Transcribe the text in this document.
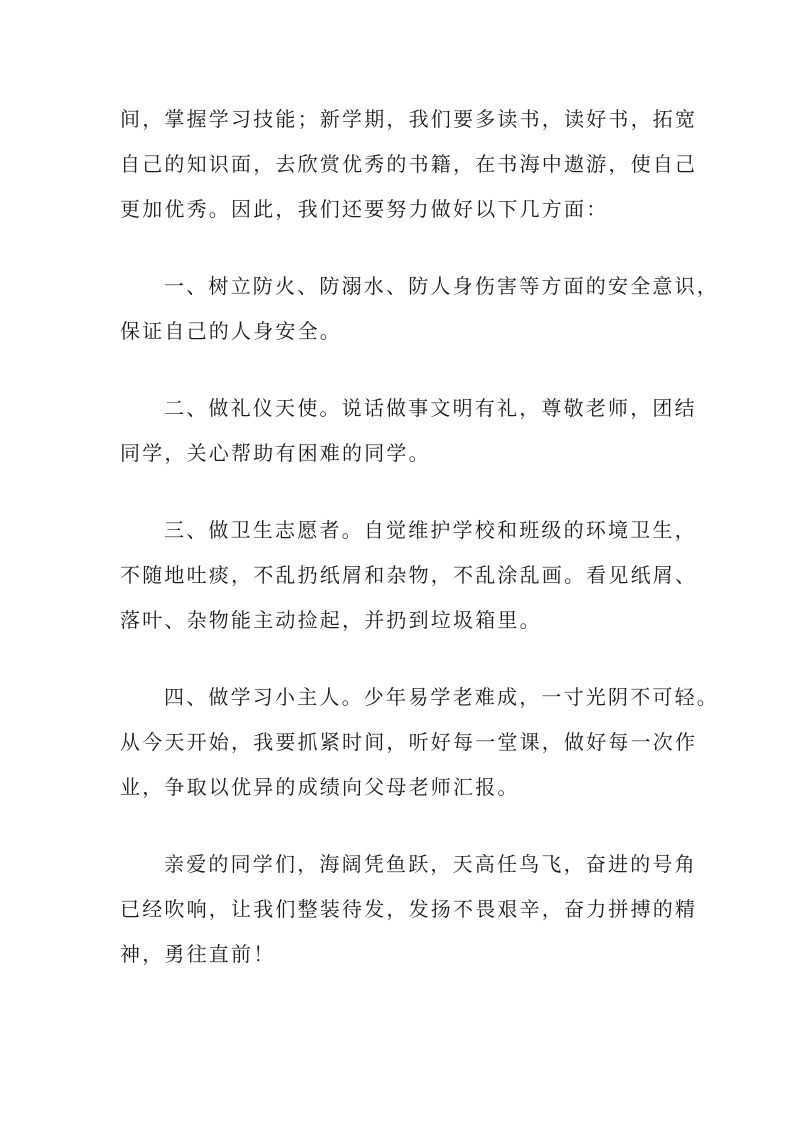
间，掌握学习技能；新学期，我们要多读书，读好书，拓宽
自己的知识面，去欣赏优秀的书籍，在书海中遨游，使自己
更加优秀。因此，我们还要努力做好以下几方面：
一、树立防火、防溺水、防人身伤害等方面的安全意识，
保证自己的人身安全。
二、做礼仪天使。说话做事文明有礼，尊敬老师，团结
同学，关心帮助有困难的同学。
三、做卫生志愿者。自觉维护学校和班级的环境卫生，
不随地吐痰，不乱扔纸屑和杂物，不乱涂乱画。看见纸屑、
落叶、杂物能主动捡起，并扔到垃圾箱里。
四、做学习小主人。少年易学老难成，一寸光阴不可轻。
从今天开始，我要抓紧时间，听好每一堂课，做好每一次作
业，争取以优异的成绩向父母老师汇报。
亲爱的同学们，海阔凭鱼跃，天高任鸟飞，奋进的号角
已经吹响，让我们整装待发，发扬不畏艰辛，奋力拼搏的精
神，勇往直前！
